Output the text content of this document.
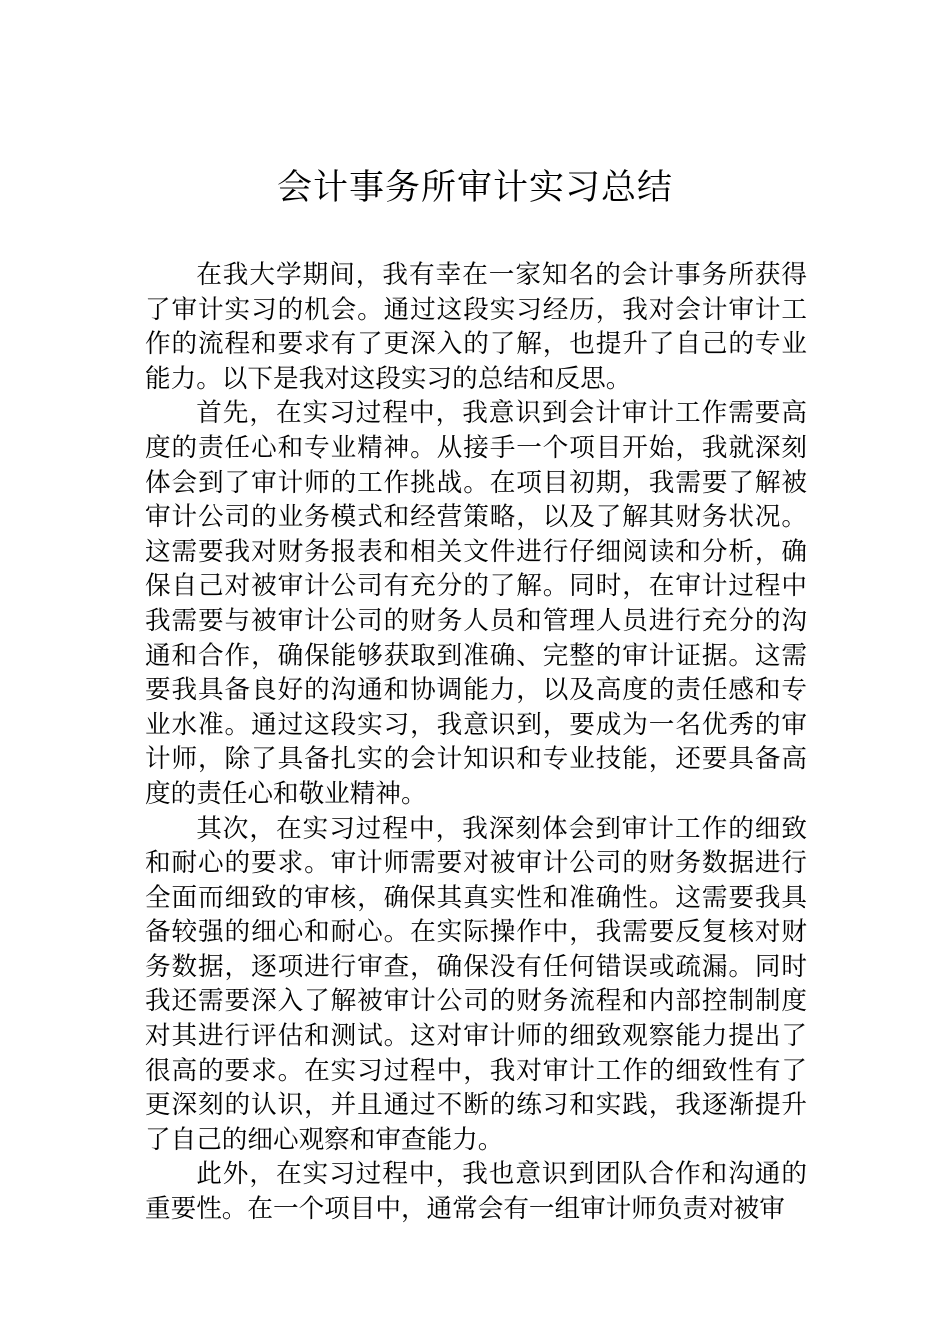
会计事务所审计实习总结

在我大学期间，我有幸在一家知名的会计事务所获得了审计实习的机会。通过这段实习经历，我对会计审计工作的流程和要求有了更深入的了解，也提升了自己的专业能力。以下是我对这段实习的总结和反思。

首先，在实习过程中，我意识到会计审计工作需要高度的责任心和专业精神。从接手一个项目开始，我就深刻体会到了审计师的工作挑战。在项目初期，我需要了解被审计公司的业务模式和经营策略，以及了解其财务状况。这需要我对财务报表和相关文件进行仔细阅读和分析，确保自己对被审计公司有充分的了解。同时，在审计过程中我需要与被审计公司的财务人员和管理人员进行充分的沟通和合作，确保能够获取到准确、完整的审计证据。这需要我具备良好的沟通和协调能力，以及高度的责任感和专业水准。通过这段实习，我意识到，要成为一名优秀的审计师，除了具备扎实的会计知识和专业技能，还要具备高度的责任心和敬业精神。

其次，在实习过程中，我深刻体会到审计工作的细致和耐心的要求。审计师需要对被审计公司的财务数据进行全面而细致的审核，确保其真实性和准确性。这需要我具备较强的细心和耐心。在实际操作中，我需要反复核对财务数据，逐项进行审查，确保没有任何错误或疏漏。同时我还需要深入了解被审计公司的财务流程和内部控制制度对其进行评估和测试。这对审计师的细致观察能力提出了很高的要求。在实习过程中，我对审计工作的细致性有了更深刻的认识，并且通过不断的练习和实践，我逐渐提升了自己的细心观察和审查能力。

此外，在实习过程中，我也意识到团队合作和沟通的重要性。在一个项目中，通常会有一组审计师负责对被审
